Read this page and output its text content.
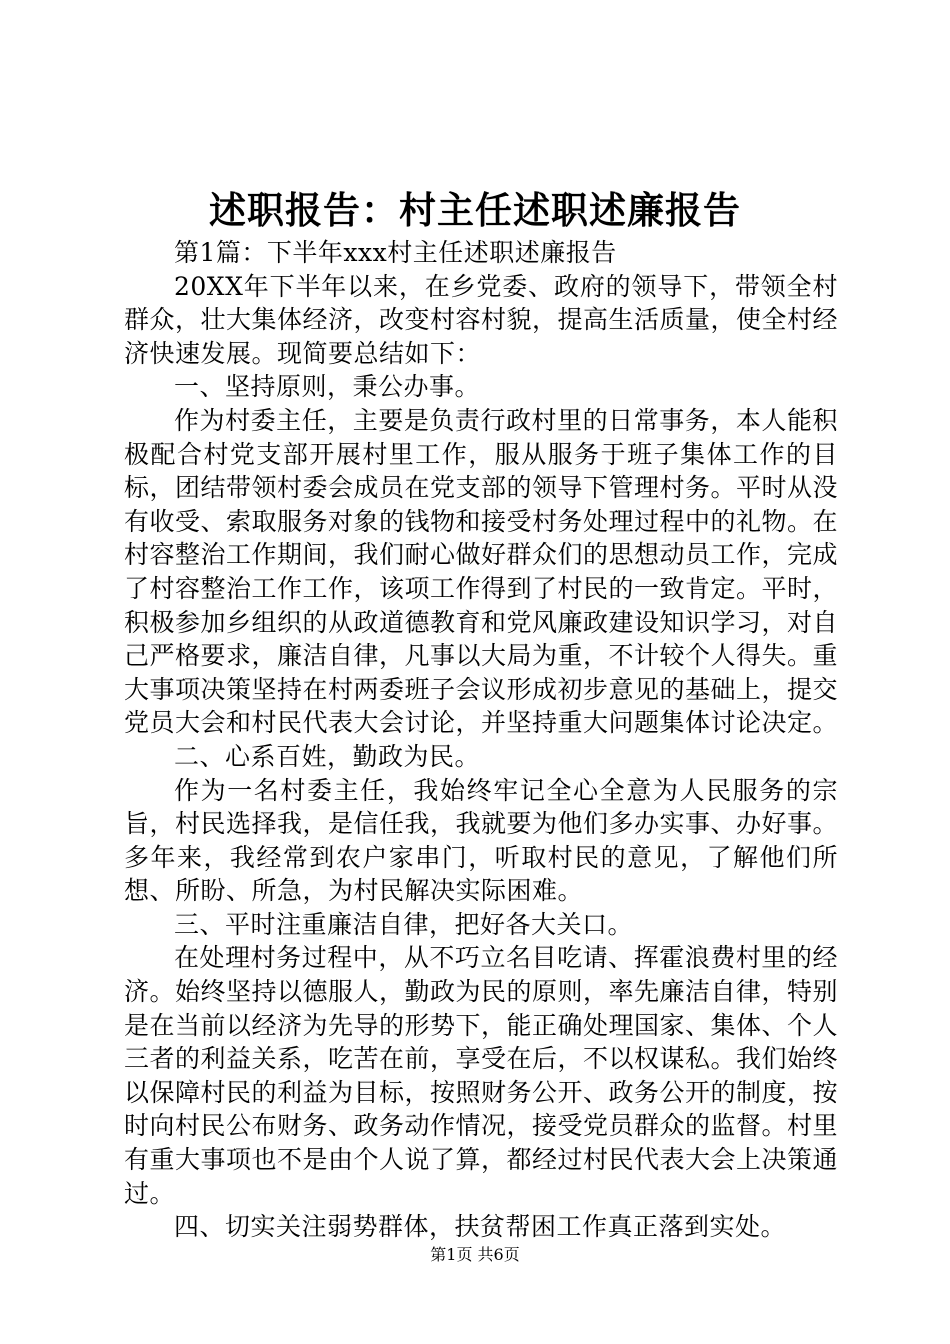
述职报告：村主任述职述廉报告

第1篇：下半年xxx村主任述职述廉报告

20XX年下半年以来，在乡党委、政府的领导下，带领全村群众，壮大集体经济，改变村容村貌，提高生活质量，使全村经济快速发展。现简要总结如下：

一、坚持原则，秉公办事。

作为村委主任，主要是负责行政村里的日常事务，本人能积极配合村党支部开展村里工作，服从服务于班子集体工作的目标，团结带领村委会成员在党支部的领导下管理村务。平时从没有收受、索取服务对象的钱物和接受村务处理过程中的礼物。在村容整治工作期间，我们耐心做好群众们的思想动员工作，完成了村容整治工作工作，该项工作得到了村民的一致肯定。平时，积极参加乡组织的从政道德教育和党风廉政建设知识学习，对自己严格要求，廉洁自律，凡事以大局为重，不计较个人得失。重大事项决策坚持在村两委班子会议形成初步意见的基础上，提交党员大会和村民代表大会讨论，并坚持重大问题集体讨论决定。

二、心系百姓，勤政为民。

作为一名村委主任，我始终牢记全心全意为人民服务的宗旨，村民选择我，是信任我，我就要为他们多办实事、办好事。多年来，我经常到农户家串门，听取村民的意见，了解他们所想、所盼、所急，为村民解决实际困难。

三、平时注重廉洁自律，把好各大关口。

在处理村务过程中，从不巧立名目吃请、挥霍浪费村里的经济。始终坚持以德服人，勤政为民的原则，率先廉洁自律，特别是在当前以经济为先导的形势下，能正确处理国家、集体、个人三者的利益关系，吃苦在前，享受在后，不以权谋私。我们始终以保障村民的利益为目标，按照财务公开、政务公开的制度，按时向村民公布财务、政务动作情况，接受党员群众的监督。村里有重大事项也不是由个人说了算，都经过村民代表大会上决策通过。

四、切实关注弱势群体，扶贫帮困工作真正落到实处。

第1页 共6页
